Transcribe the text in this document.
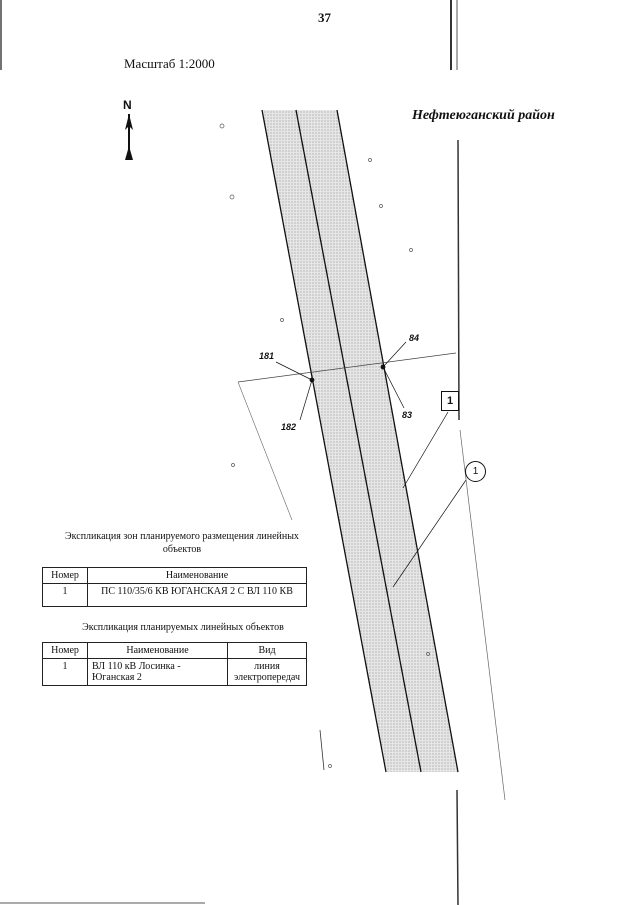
37
Масштаб 1:2000
N
Нефтеюганский район
181
182
84
83
1
1
Экспликация зон планируемого размещения линейных объектов
Номер	Наименование
1	ПС 110/35/6 КВ ЮГАНСКАЯ 2 С ВЛ 110 КВ
Экспликация планируемых линейных объектов
Номер	Наименование	Вид
1	ВЛ 110 кВ Лосинка - Юганская 2	линия электропередач
